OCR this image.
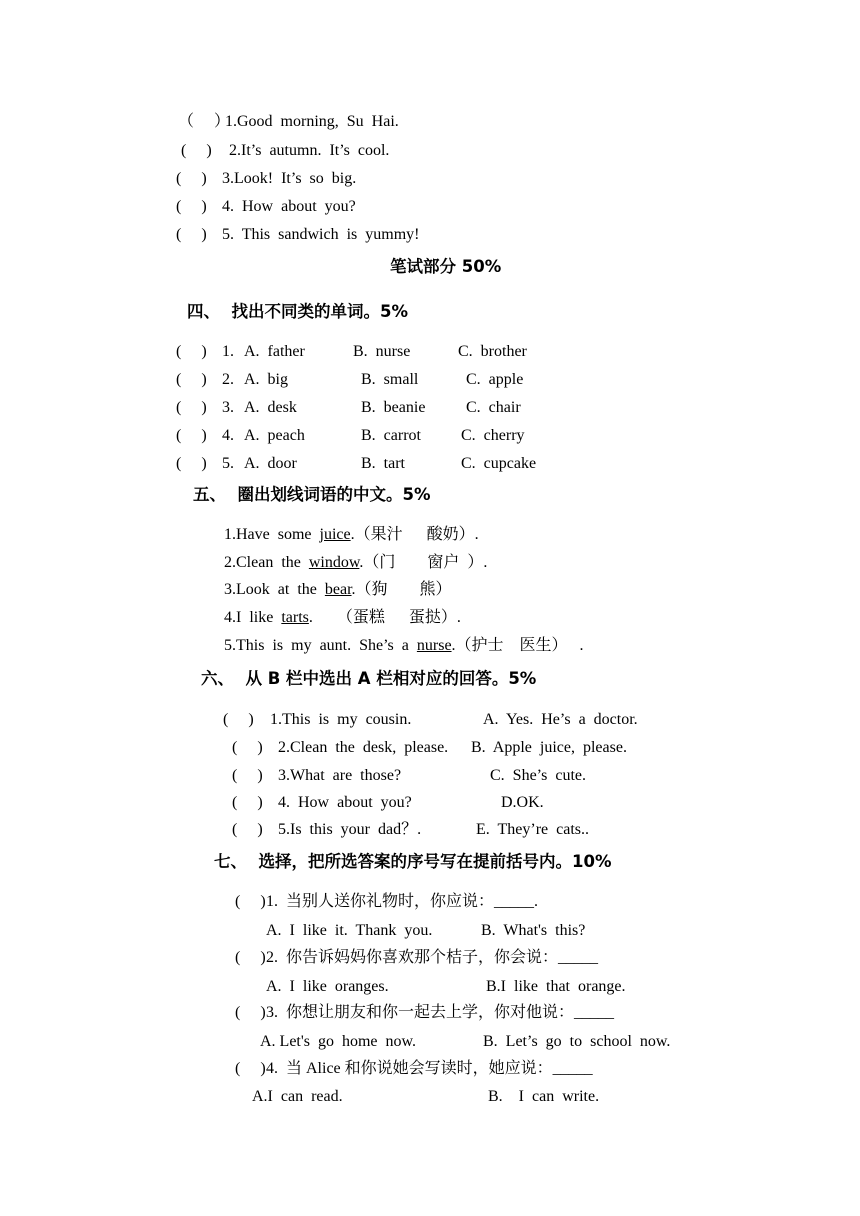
（　 ）
1.Good  morning,  Su  Hai.
(　 ) 2.It’s  autumn.  It’s  cool.
(　 ) 3.Look!  It’s  so  big.
(　 ) 4.  How  about  you?
(　 ) 5.  This  sandwich  is  yummy!
笔试部分 50%
四、  找出不同类的单词。5%
(　 ) 1. A.  father	B.  nurse	C.  brother
(　 ) 2. A.  big	B.  small	C.  apple
(　 ) 3. A.  desk	B.  beanie	C.  chair
(　 ) 4. A.  peach	B.  carrot	C.  cherry
(　 ) 5. A.  door	B.  tart	C.  cupcake
五、  圈出划线词语的中文。5%
1.Have  some  juice.（果汁      酸奶）.
2.Clean  the  window.（门        窗户  ）.
3.Look  at  the  bear.（狗        熊）
4.I  like  tarts.      （蛋糕      蛋挞）.
5.This  is  my  aunt.  She’s  a  nurse.（护士    医生）   .
六、  从 B 栏中选出 A 栏相对应的回答。5%
(　 ) 1.This  is  my  cousin.	A.  Yes.  He’s  a  doctor.
(　 ) 2.Clean  the  desk,  please. B.  Apple  juice,  please.
(　 ) 3.What  are  those?	C.  She’s  cute.
(　 ) 4.  How  about  you?	D.OK.
(　 ) 5.Is  this  your  dad？.	E.  They’re  cats..
七、  选择，把所选答案的序号写在提前括号内。10%
(　 ) 1.  当别人送你礼物时，你应说：_____.
A.  I  like  it.  Thank  you.	B.  What's  this?
(　 ) 2.  你告诉妈妈你喜欢那个桔子，你会说：_____
A.  I  like  oranges.	B.I  like  that  orange.
(　 ) 3.  你想让朋友和你一起去上学，你对他说：_____
A. Let's  go  home  now.	B.  Let’s  go  to  school  now.
(　 ) 4.  当 Alice 和你说她会写读时，她应说：_____
A.I  can  read.	B.    I  can  write.
